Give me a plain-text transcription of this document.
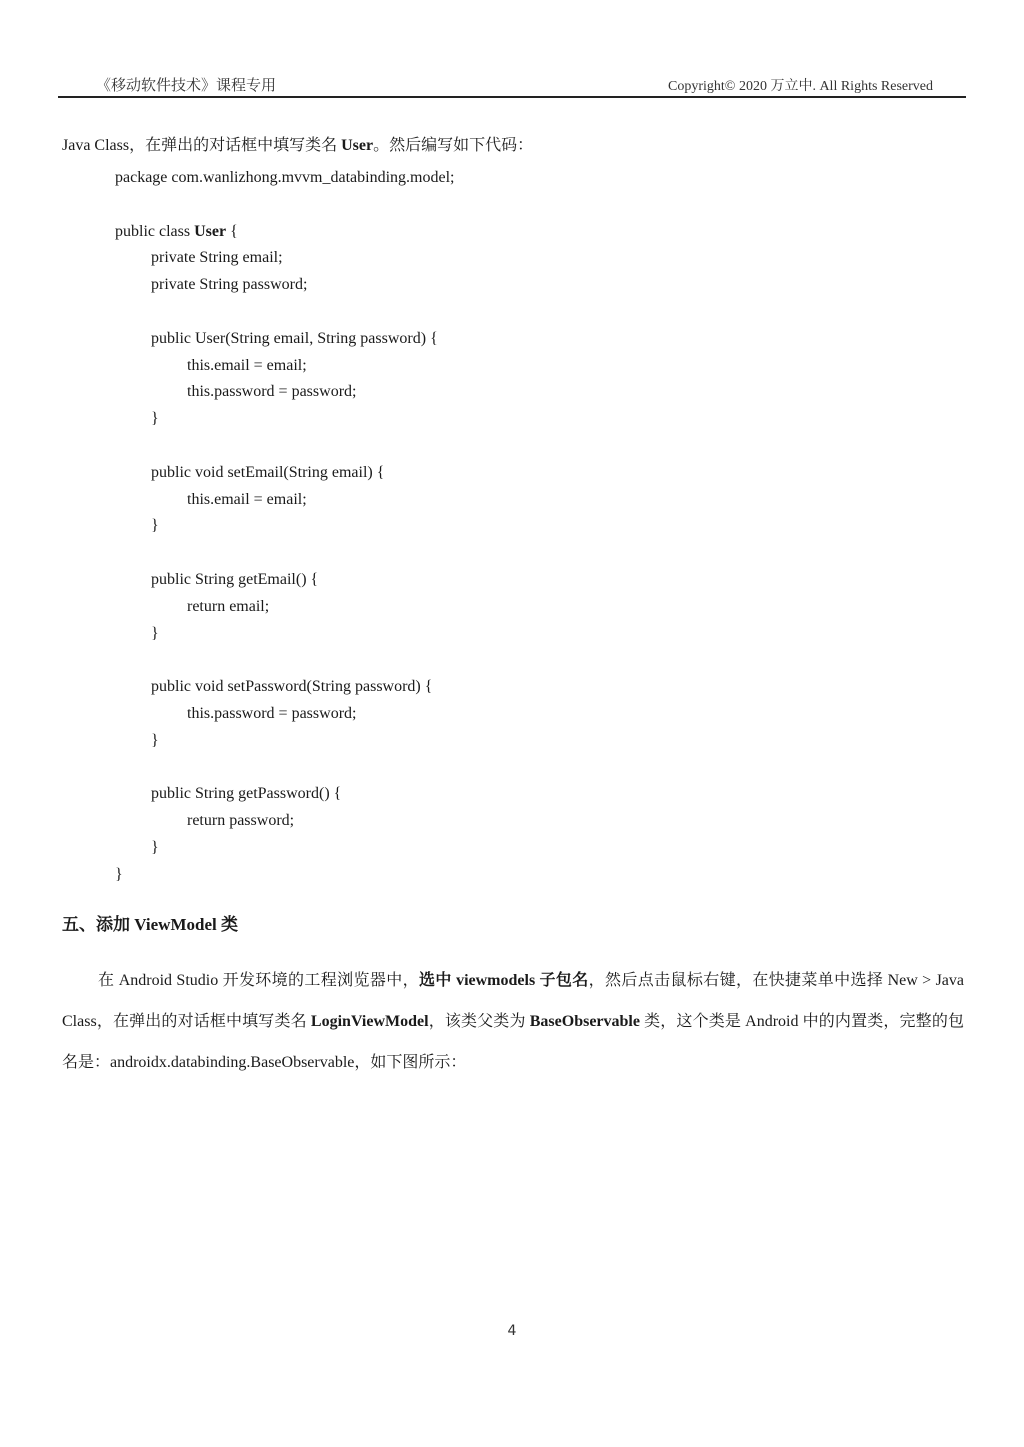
《移动软件技术》课程专用	Copyright© 2020 万立中. All Rights Reserved
Java Class，在弹出的对话框中填写类名 User。然后编写如下代码：
package com.wanlizhong.mvvm_databinding.model;
public class User {
private String email;
private String password;
public User(String email, String password) {
this.email = email;
this.password = password;
}
public void setEmail(String email) {
this.email = email;
}
public String getEmail() {
return email;
}
public void setPassword(String password) {
this.password = password;
}
public String getPassword() {
return password;
}
}
五、添加 ViewModel 类

在 Android Studio 开发环境的工程浏览器中，选中 viewmodels 子包名，然后点击鼠标右键，在快捷菜单中选择 New > Java Class，在弹出的对话框中填写类名 LoginViewModel，该类父类为 BaseObservable 类，这个类是 Android 中的内置类，完整的包名是：androidx.databinding.BaseObservable，如下图所示：

4
